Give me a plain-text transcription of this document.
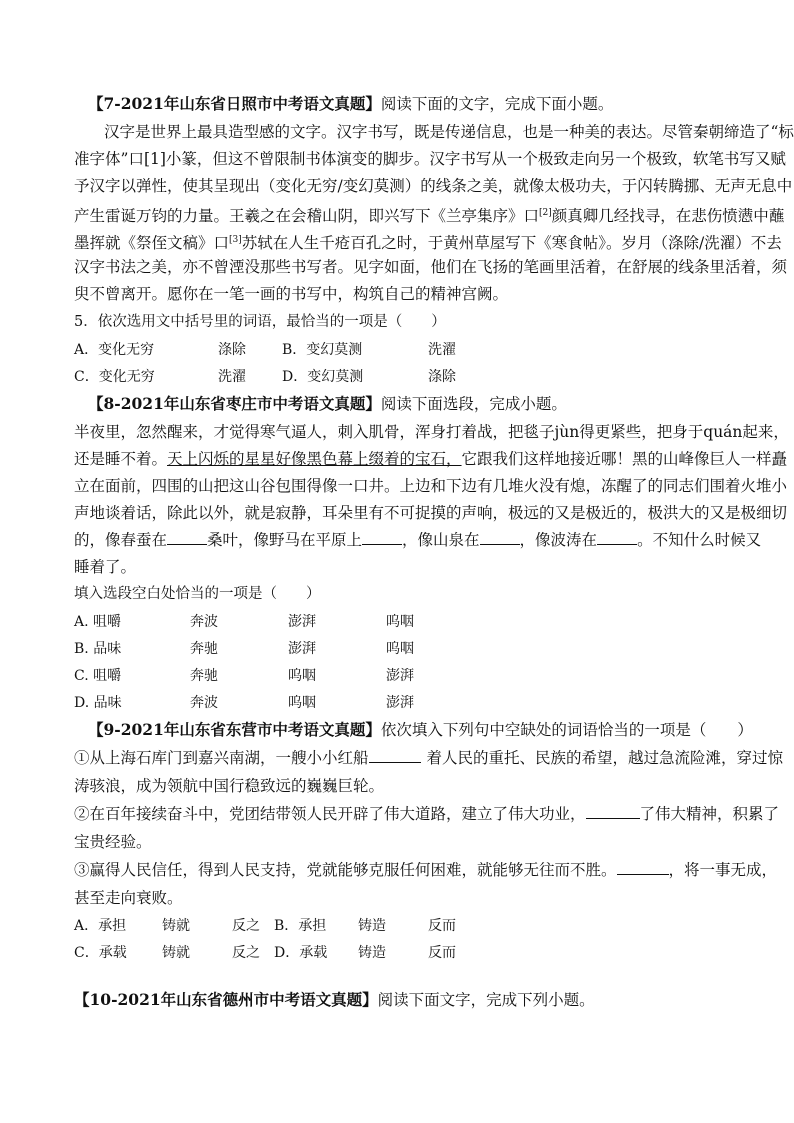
【7-2021年山东省日照市中考语文真题】阅读下面的文字，完成下面小题。
汉字是世界上最具造型感的文字。汉字书写，既是传递信息，也是一种美的表达。尽管秦朝缔造了“标
准字体”口[1]小篆，但这不曾限制书体演变的脚步。汉字书写从一个极致走向另一个极致，软笔书写又赋
予汉字以弹性，使其呈现出（变化无穷/变幻莫测）的线条之美，就像太极功夫，于闪转腾挪、无声无息中
产生雷诞万钧的力量。王羲之在会稽山阴，即兴写下《兰亭集序》口[2]颜真卿几经找寻，在悲伤愤懑中蘸
墨挥就《祭侄文稿》口[3]苏轼在人生千疮百孔之时，于黄州草屋写下《寒食帖》。岁月（涤除/洗濯）不去
汉字书法之美，亦不曾湮没那些书写者。见字如面，他们在飞扬的笔画里活着，在舒展的线条里活着，须
臾不曾离开。愿你在一笔一画的书写中，构筑自己的精神宫阙。
5．依次选用文中括号里的词语，最恰当的一项是（　　）
A．变化无穷	涤除	B．变幻莫测	洗濯
C．变化无穷	洗濯	D．变幻莫测	涤除
【8-2021年山东省枣庄市中考语文真题】阅读下面选段，完成小题。
半夜里，忽然醒来，才觉得寒气逼人，刺入肌骨，浑身打着战，把毯子jùn得更紧些，把身于quán起来，
还是睡不着。天上闪烁的星星好像黑色幕上缀着的宝石，它跟我们这样地接近哪！黑的山峰像巨人一样矗
立在面前，四围的山把这山谷包围得像一口井。上边和下边有几堆火没有熄，冻醒了的同志们围着火堆小
声地谈着话，除此以外，就是寂静，耳朵里有不可捉摸的声响，极远的又是极近的，极洪大的又是极细切
的，像春蚕在	桑叶，像野马在平原上	，像山泉在	，像波涛在	。不知什么时候又
睡着了。
填入选段空白处恰当的一项是（　　）
A. 咀嚼	奔波	澎湃	呜咽
B. 品味	奔驰	澎湃	呜咽
C. 咀嚼	奔驰	呜咽	澎湃
D. 品味	奔波	呜咽	澎湃
【9-2021年山东省东营市中考语文真题】依次填入下列句中空缺处的词语恰当的一项是（　　）
①从上海石库门到嘉兴南湖，一艘小小红船	着人民的重托、民族的希望，越过急流险滩，穿过惊
涛骇浪，成为领航中国行稳致远的巍巍巨轮。
②在百年接续奋斗中，党团结带领人民开辟了伟大道路，建立了伟大功业，	了伟大精神，积累了
宝贵经验。
③赢得人民信任，得到人民支持，党就能够克服任何困难，就能够无往而不胜。	，将一事无成，
甚至走向衰败。
A．承担	铸就	反之 B．承担 铸造	反而
C．承载	铸就	反之 D．承载 铸造	反而
【10-2021年山东省德州市中考语文真题】阅读下面文字，完成下列小题。
